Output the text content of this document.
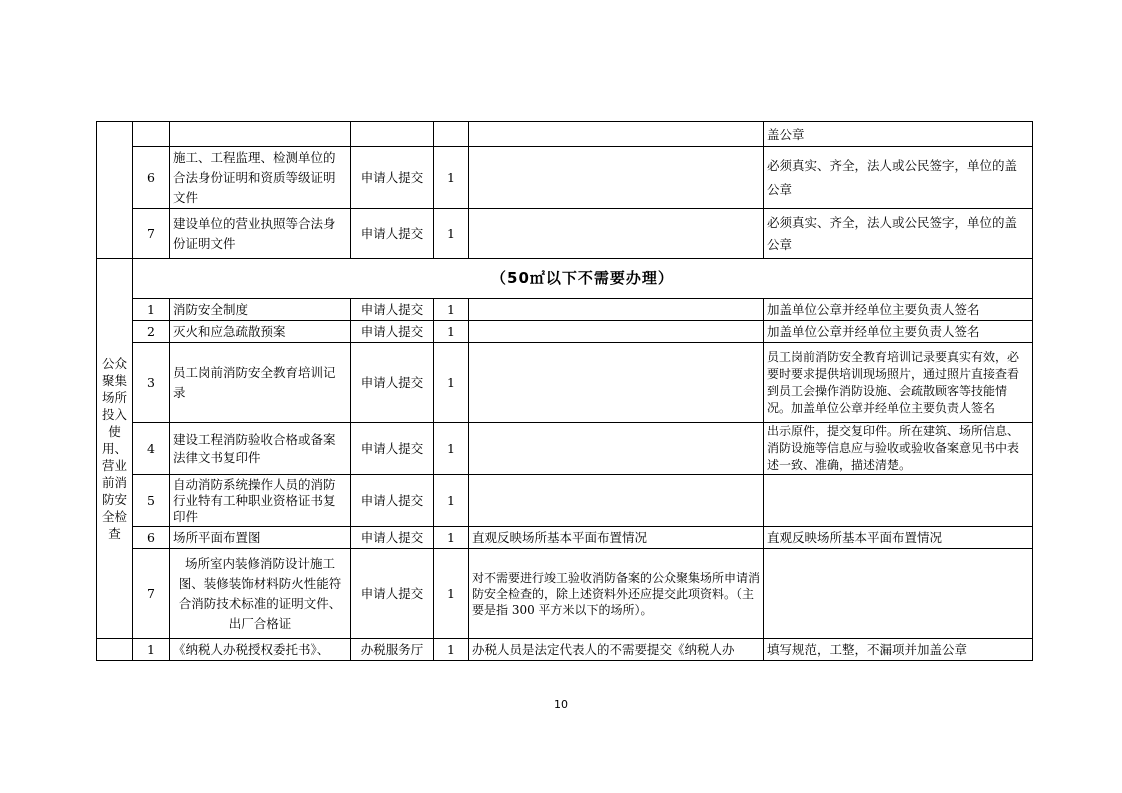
						盖公章
	6	施工、工程监理、检测单位的合法身份证明和资质等级证明文件	申请人提交	1		必须真实、齐全，法人或公民签字，单位的盖公章
	7	建设单位的营业执照等合法身份证明文件	申请人提交	1		必须真实、齐全，法人或公民签字，单位的盖公章
公众聚集场所投入使用、营业前消防安全检查	（50㎡以下不需要办理）					
	1	消防安全制度	申请人提交	1		加盖单位公章并经单位主要负责人签名
	2	灭火和应急疏散预案	申请人提交	1		加盖单位公章并经单位主要负责人签名
	3	员工岗前消防安全教育培训记录	申请人提交	1		员工岗前消防安全教育培训记录要真实有效，必要时要求提供培训现场照片，通过照片直接查看到员工会操作消防设施、会疏散顾客等技能情况。加盖单位公章并经单位主要负责人签名
	4	建设工程消防验收合格或备案法律文书复印件	申请人提交	1		出示原件，提交复印件。所在建筑、场所信息、消防设施等信息应与验收或验收备案意见书中表述一致、准确，描述清楚。
	5	自动消防系统操作人员的消防行业特有工种职业资格证书复印件	申请人提交	1		
	6	场所平面布置图	申请人提交	1	直观反映场所基本平面布置情况	直观反映场所基本平面布置情况
	7	场所室内装修消防设计施工图、装修装饰材料防火性能符合消防技术标准的证明文件、出厂合格证	申请人提交	1	对不需要进行竣工验收消防备案的公众聚集场所申请消防安全检查的，除上述资料外还应提交此项资料。（主要是指 300 平方米以下的场所）。	
	1	《纳税人办税授权委托书》、	办税服务厅	1	办税人员是法定代表人的不需要提交《纳税人办	填写规范，工整，不漏项并加盖公章
10
